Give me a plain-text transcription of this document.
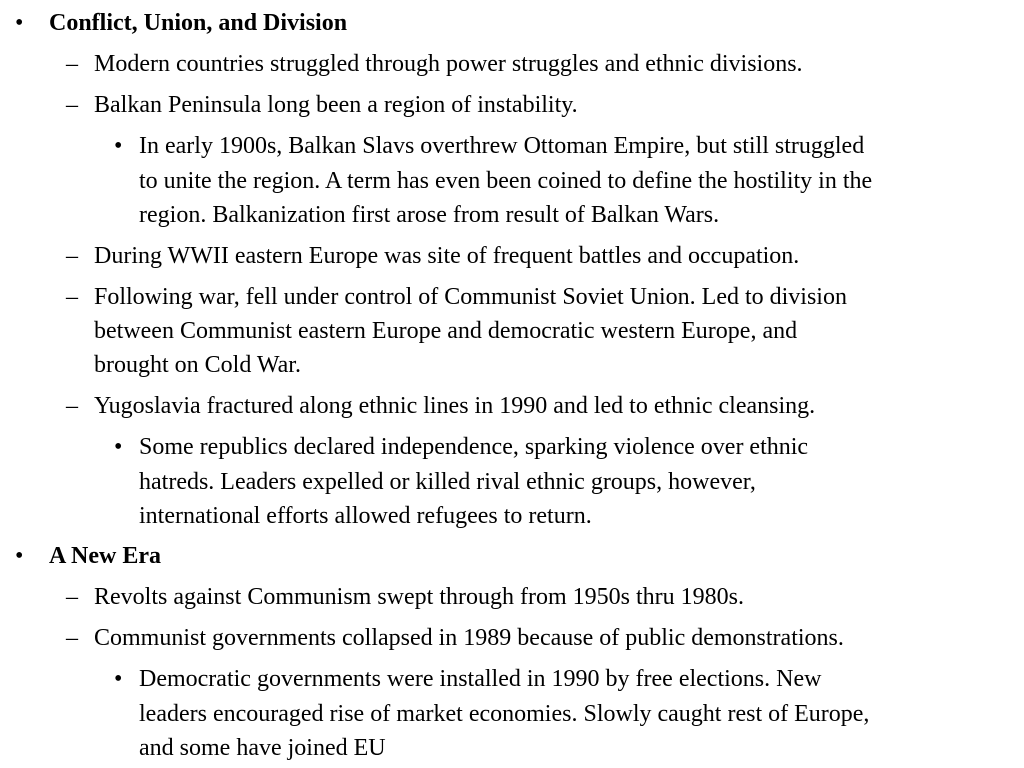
• Conflict, Union, and Division
– Modern countries struggled through power struggles and ethnic divisions.
– Balkan Peninsula long been a region of instability.
• In early 1900s, Balkan Slavs overthrew Ottoman Empire, but still struggled
to unite the region. A term has even been coined to define the hostility in the
region. Balkanization first arose from result of Balkan Wars.
– During WWII eastern Europe was site of frequent battles and occupation.
– Following war, fell under control of Communist Soviet Union. Led to division
between Communist eastern Europe and democratic western Europe, and
brought on Cold War.
– Yugoslavia fractured along ethnic lines in 1990 and led to ethnic cleansing.
• Some republics declared independence, sparking violence over ethnic
hatreds. Leaders expelled or killed rival ethnic groups, however,
international efforts allowed refugees to return.
• A New Era
– Revolts against Communism swept through from 1950s thru 1980s.
– Communist governments collapsed in 1989 because of public demonstrations.
• Democratic governments were installed in 1990 by free elections. New
leaders encouraged rise of market economies. Slowly caught rest of Europe,
and some have joined EU
